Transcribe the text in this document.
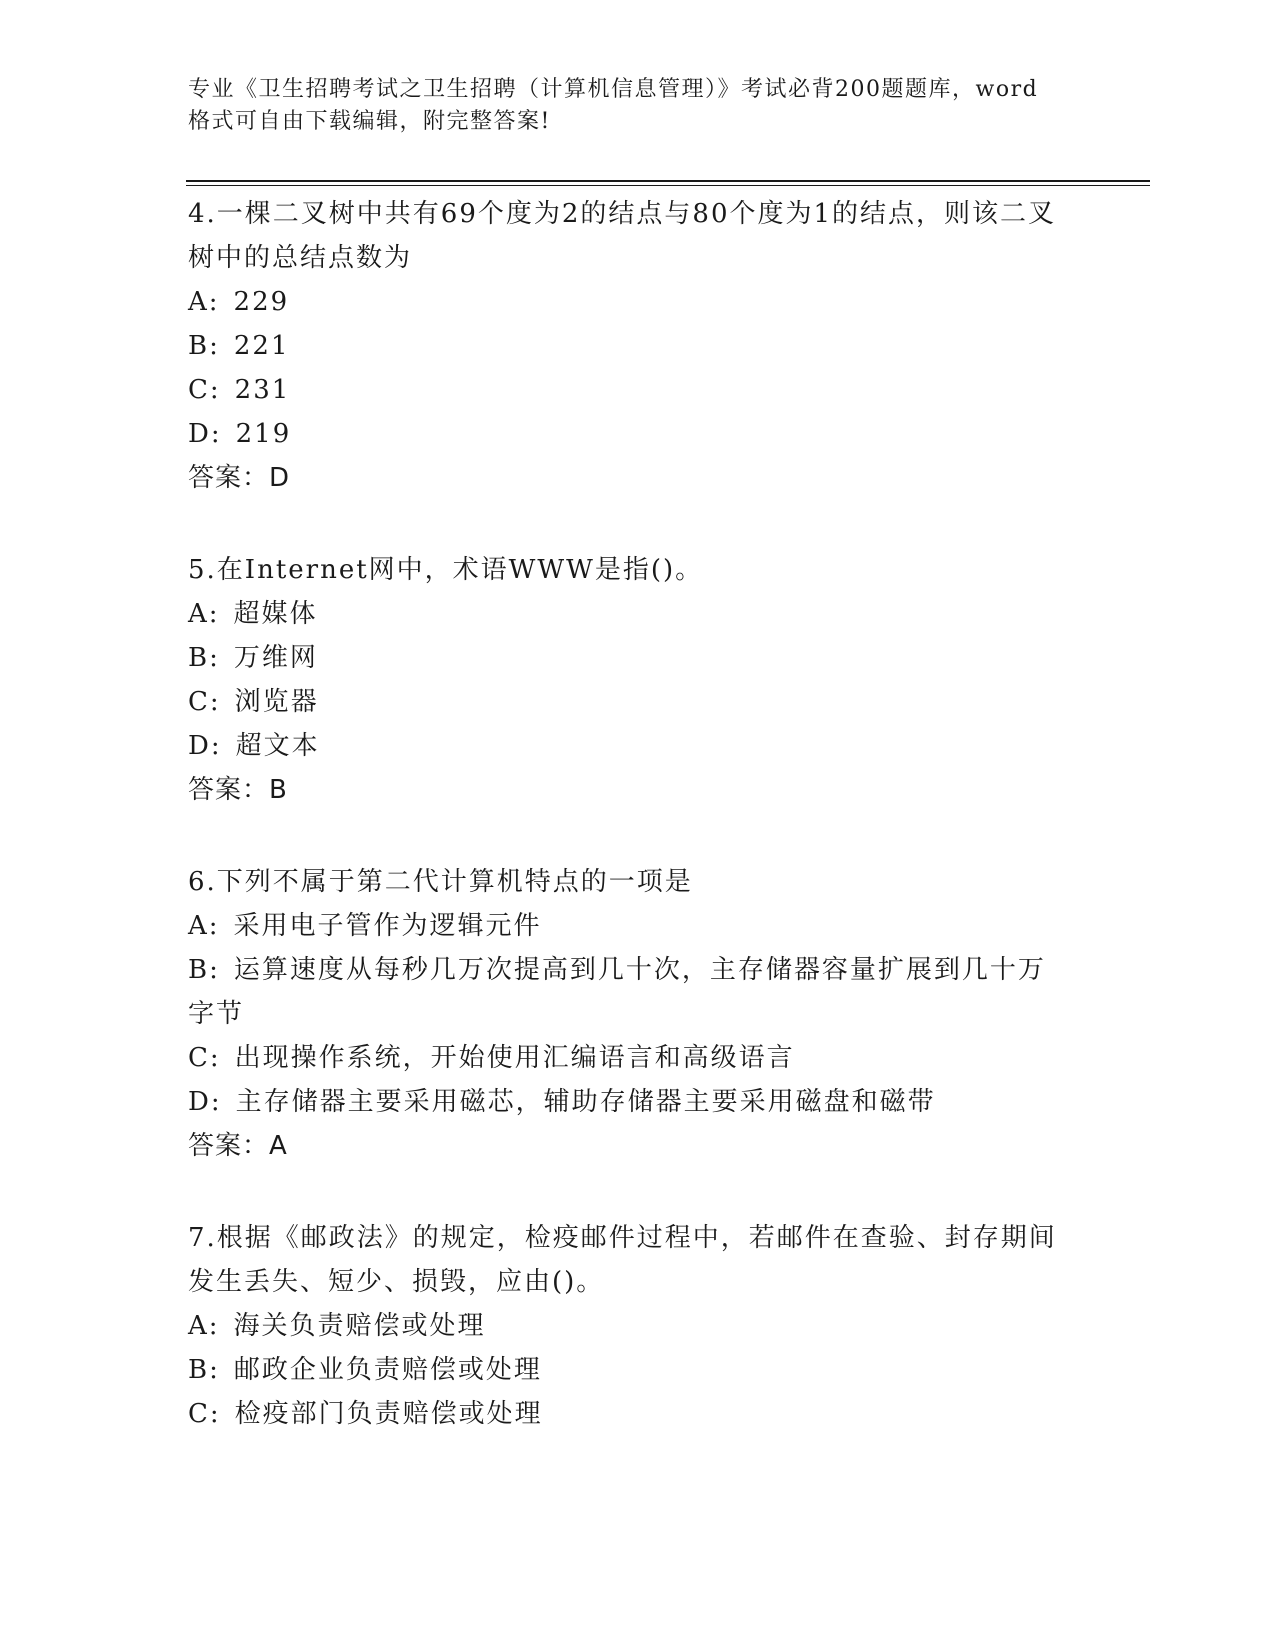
专业《卫生招聘考试之卫生招聘（计算机信息管理）》考试必背200题题库，word
格式可自由下载编辑，附完整答案!

4.一棵二叉树中共有69个度为2的结点与80个度为1的结点，则该二叉树中的总结点数为

A: 229
B: 221
C: 231
D: 219
答案：D

5.在Internet网中，术语WWW是指()。

A: 超媒体
B: 万维网
C: 浏览器
D: 超文本
答案：B

6.下列不属于第二代计算机特点的一项是

A: 采用电子管作为逻辑元件
B: 运算速度从每秒几万次提高到几十次，主存储器容量扩展到几十万字节
C: 出现操作系统，开始使用汇编语言和高级语言
D: 主存储器主要采用磁芯，辅助存储器主要采用磁盘和磁带
答案：A

7.根据《邮政法》的规定，检疫邮件过程中，若邮件在查验、封存期间发生丢失、短少、损毁，应由()。

A: 海关负责赔偿或处理
B: 邮政企业负责赔偿或处理
C: 检疫部门负责赔偿或处理
